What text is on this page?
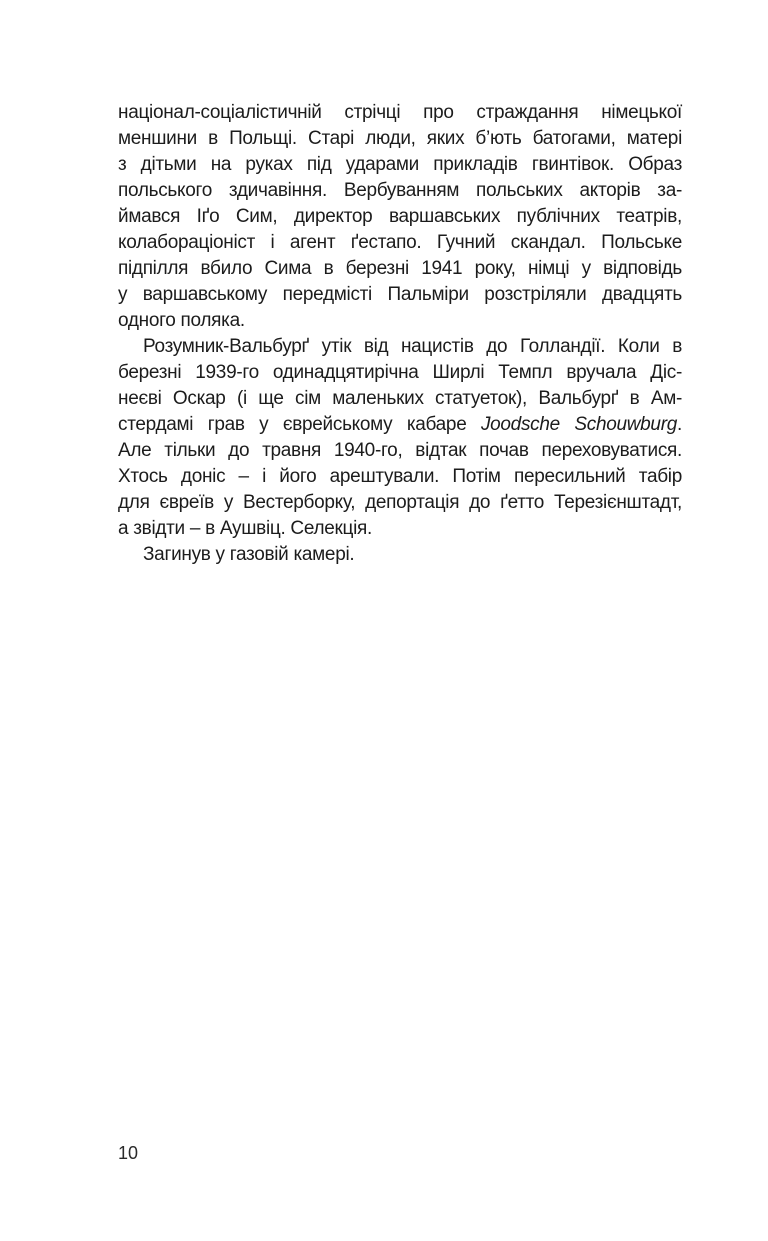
націонал-соціалістичній стрічці про страждання німецької
меншини в Польщі. Старі люди, яких б’ють батогами, матері
з дітьми на руках під ударами прикладів гвинтівок. Образ
польського здичавіння. Вербуванням польських акторів за-
ймався Іґо Сим, директор варшавських публічних театрів,
колабораціоніст і агент ґестапо. Гучний скандал. Польське
підпілля вбило Сима в березні 1941 року, німці у відповідь
у варшавському передмісті Пальміри розстріляли двадцять
одного поляка.
Розумник-Вальбурґ утік від нацистів до Голландії. Коли в
березні 1939-го одинадцятирічна Ширлі Темпл вручала Діс-
неєві Оскар (і ще сім маленьких статуеток), Вальбурґ в Ам-
стердамі грав у єврейському кабаре Joodsche Schouwburg.
Але тільки до травня 1940-го, відтак почав переховуватися.
Хтось доніс – і його арештували. Потім пересильний табір
для євреїв у Вестерборку, депортація до ґетто Терезієнштадт,
а звідти – в Аушвіц. Селекція.
Загинув у газовій камері.
10
